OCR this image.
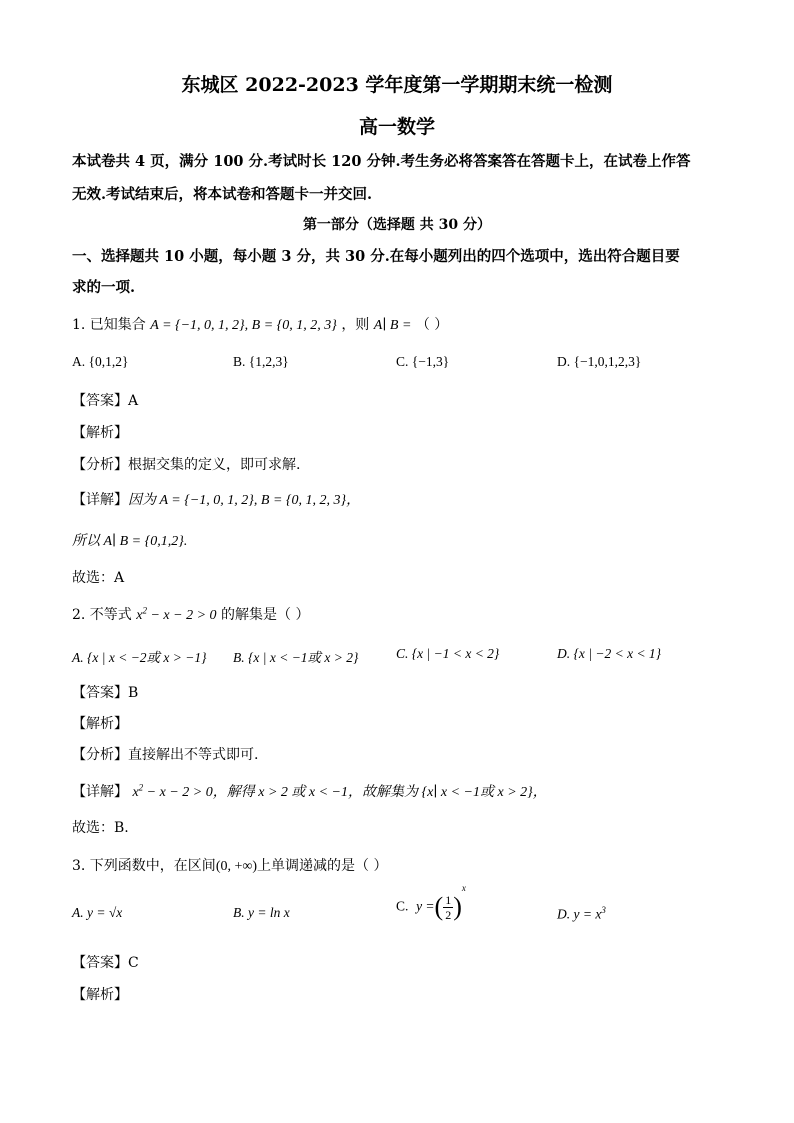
东城区 2022-2023 学年度第一学期期末统一检测
高一数学
本试卷共 4 页，满分 100 分.考试时长 120 分钟.考生务必将答案答在答题卡上，在试卷上作答
无效.考试结束后，将本试卷和答题卡一并交回.
第一部分（选择题 共 30 分）
一、选择题共 10 小题，每小题 3 分，共 30 分.在每小题列出的四个选项中，选出符合题目要
求的一项.
1. 已知集合 A = {−1, 0, 1, 2}, B = {0, 1, 2, 3} ，则 A∣ B = （ ）
A. {0,1,2}	B. {1,2,3}	C. {−1,3}	D. {−1,0,1,2,3}
【答案】A
【解析】
【分析】根据交集的定义，即可求解.
【详解】因为 A = {−1, 0, 1, 2}, B = {0, 1, 2, 3}，
所以 A∣ B = {0,1,2}.
故选：A
2. 不等式 $x^2 - x - 2 > 0$ 的解集是（ ）
A. {x | x < −2或 x > −1} B. {x | x < −1或 x > 2}	C. {x | −1 < x < 2}	D. {x | −2 < x < 1}
【答案】B
【解析】
【分析】直接解出不等式即可.
【详解】 $x^2 - x - 2 > 0$，解得 x > 2 或 x < −1，故解集为 {x∣ x < −1或 x > 2}，
故选：B.
3. 下列函数中，在区间(0, +∞)上单调递减的是（ ）
A. y = √x	B. y = ln x	C.  y =( $\frac{1}{2} )^x$
D. $y = x^3$
【答案】C
【解析】
